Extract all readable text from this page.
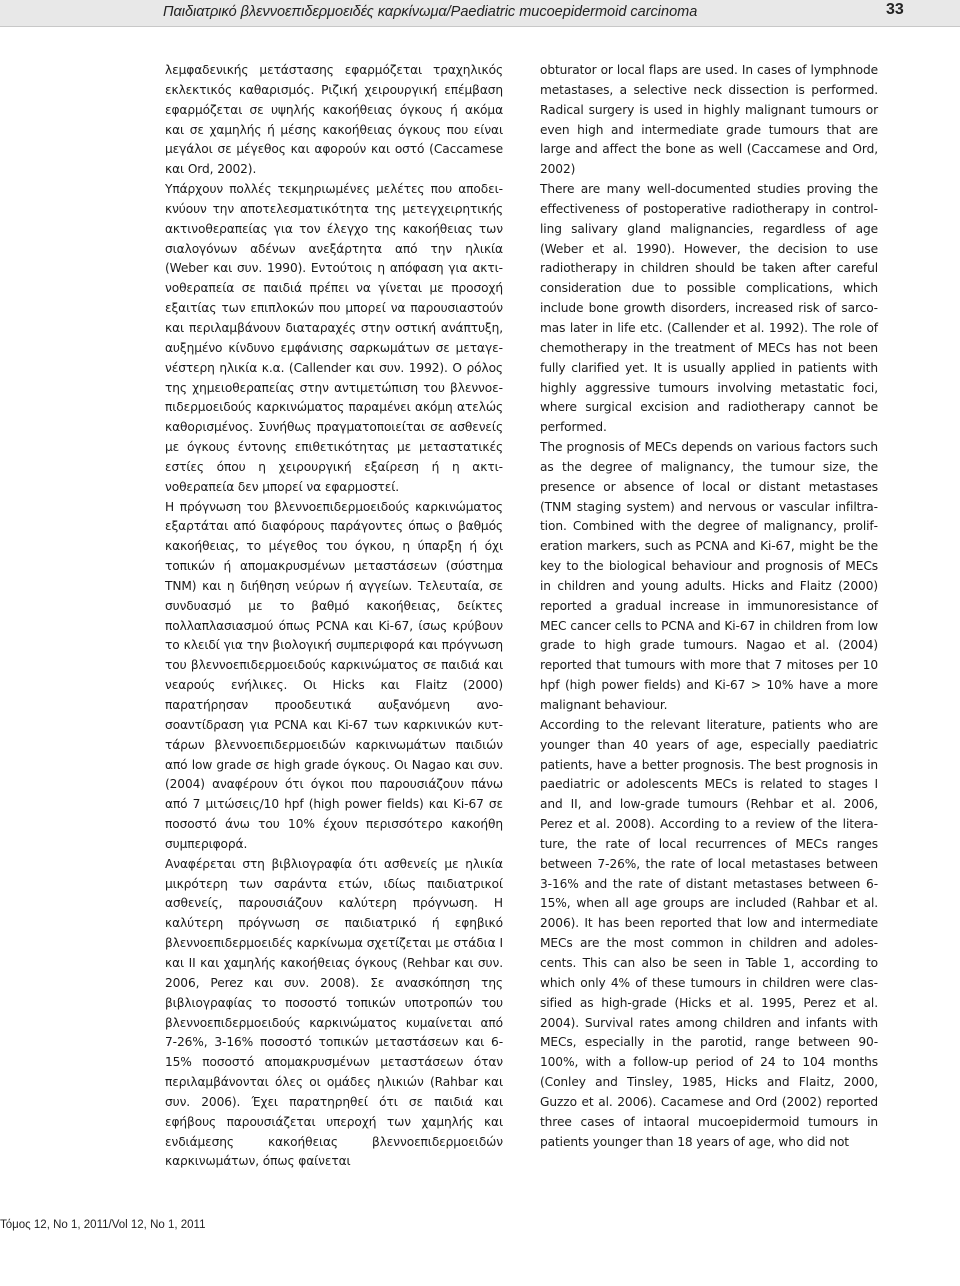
Παιδιατρικό βλεννοεπιδερμοειδές καρκίνωμα/Paediatric mucoepidermoid carcinoma	33

λεμφαδενικής μετάστασης εφαρμόζεται τραχηλικός εκλεκτικός καθαρισμός. Ριζική χειρουργική επέμβαση εφαρμόζεται σε υψηλής κακοήθειας όγκους ή ακόμα και σε χαμηλής ή μέσης κακοήθειας όγκους που είναι μεγάλοι σε μέγεθος και αφορούν και οστό (Caccamese και Ord, 2002).

Υπάρχουν πολλές τεκμηριωμένες μελέτες που αποδεικνύουν την αποτελεσματικότητα της μετεγχειρητικής ακτινοθεραπείας για τον έλεγχο της κακοήθειας των σιαλογόνων αδένων ανεξάρτητα από την ηλικία (Weber και συν. 1990). Εντούτοις η απόφαση για ακτινοθεραπεία σε παιδιά πρέπει να γίνεται με προσοχή εξαιτίας των επιπλοκών που μπορεί να παρουσιαστούν και περιλαμβάνουν διαταραχές στην οστική ανάπτυξη, αυξημένο κίνδυνο εμφάνισης σαρκωμάτων σε μεταγενέστερη ηλικία κ.α. (Callender και συν. 1992). Ο ρόλος της χημειοθεραπείας στην αντιμετώπιση του βλεννοεπιδερμοειδούς καρκινώματος παραμένει ακόμη ατελώς καθορισμένος. Συνήθως πραγματοποιείται σε ασθενείς με όγκους έντονης επιθετικότητας με μεταστατικές εστίες όπου η χειρουργική εξαίρεση ή η ακτινοθεραπεία δεν μπορεί να εφαρμοστεί.

Η πρόγνωση του βλεννοεπιδερμοειδούς καρκινώματος εξαρτάται από διαφόρους παράγοντες όπως ο βαθμός κακοήθειας, το μέγεθος του όγκου, η ύπαρξη ή όχι τοπικών ή απομακρυσμένων μεταστάσεων (σύστημα TNM) και η διήθηση νεύρων ή αγγείων. Τελευταία, σε συνδυασμό με το βαθμό κακοήθειας, δείκτες πολλαπλασιασμού όπως PCNA και Ki-67, ίσως κρύβουν το κλειδί για την βιολογική συμπεριφορά και πρόγνωση του βλεννοεπιδερμοειδούς καρκινώματος σε παιδιά και νεαρούς ενήλικες. Οι Hicks και Flaitz (2000) παρατήρησαν προοδευτικά αυξανόμενη ανοσοαντίδραση για PCNA και Ki-67 των καρκινικών κυττάρων βλεννοεπιδερμοειδών καρκινωμάτων παιδιών από low grade σε high grade όγκους. Οι Nagao και συν. (2004) αναφέρουν ότι όγκοι που παρουσιάζουν πάνω από 7 μιτώσεις/10 hpf (high power fields) και Ki-67 σε ποσοστό άνω του 10% έχουν περισσότερο κακοήθη συμπεριφορά.

Αναφέρεται στη βιβλιογραφία ότι ασθενείς με ηλικία μικρότερη των σαράντα ετών, ιδίως παιδιατρικοί ασθενείς, παρουσιάζουν καλύτερη πρόγνωση. Η καλύτερη πρόγνωση σε παιδιατρικό ή εφηβικό βλεννοεπιδερμοειδές καρκίνωμα σχετίζεται με στάδια I και II και χαμηλής κακοήθειας όγκους (Rehbar και συν. 2006, Perez και συν. 2008). Σε ανασκόπηση της βιβλιογραφίας το ποσοστό τοπικών υποτροπών του βλεννοεπιδερμοειδούς καρκινώματος κυμαίνεται από 7-26%, 3-16% ποσοστό τοπικών μεταστάσεων και 6-15% ποσοστό απομακρυσμένων μεταστάσεων όταν περιλαμβάνονται όλες οι ομάδες ηλικιών (Rahbar και συν. 2006). Έχει παρατηρηθεί ότι σε παιδιά και εφήβους παρουσιάζεται υπεροχή των χαμηλής και ενδιάμεσης κακοήθειας βλεννοεπιδερμοειδών καρκινωμάτων, όπως φαίνεται

obturator or local flaps are used. In cases of lymphnode metastases, a selective neck dissection is performed. Radical surgery is used in highly malignant tumours or even high and intermediate grade tumours that are large and affect the bone as well (Caccamese and Ord, 2002)

There are many well-documented studies proving the effectiveness of postoperative radiotherapy in controlling salivary gland malignancies, regardless of age (Weber et al. 1990). However, the decision to use radiotherapy in children should be taken after careful consideration due to possible complications, which include bone growth disorders, increased risk of sarcomas later in life etc. (Callender et al. 1992). The role of chemotherapy in the treatment of MECs has not been fully clarified yet. It is usually applied in patients with highly aggressive tumours involving metastatic foci, where surgical excision and radiotherapy cannot be performed.

The prognosis of MECs depends on various factors such as the degree of malignancy, the tumour size, the presence or absence of local or distant metastases (TNM staging system) and nervous or vascular infiltration. Combined with the degree of malignancy, proliferation markers, such as PCNA and Ki-67, might be the key to the biological behaviour and prognosis of MECs in children and young adults. Hicks and Flaitz (2000) reported a gradual increase in immunoresistance of MEC cancer cells to PCNA and Ki-67 in children from low grade to high grade tumours. Nagao et al. (2004) reported that tumours with more that 7 mitoses per 10 hpf (high power fields) and Ki-67 > 10% have a more malignant behaviour.

According to the relevant literature, patients who are younger than 40 years of age, especially paediatric patients, have a better prognosis. The best prognosis in paediatric or adolescents MECs is related to stages I and II, and low-grade tumours (Rehbar et al. 2006, Perez et al. 2008). According to a review of the literature, the rate of local recurrences of MECs ranges between 7-26%, the rate of local metastases between 3-16% and the rate of distant metastases between 6-15%, when all age groups are included (Rahbar et al. 2006). It has been reported that low and intermediate MECs are the most common in children and adolescents. This can also be seen in Table 1, according to which only 4% of these tumours in children were classified as high-grade (Hicks et al. 1995, Perez et al. 2004). Survival rates among children and infants with MECs, especially in the parotid, range between 90-100%, with a follow-up period of 24 to 104 months (Conley and Tinsley, 1985, Hicks and Flaitz, 2000, Guzzo et al. 2006). Cacamese and Ord (2002) reported three cases of intaoral mucoepidermoid tumours in patients younger than 18 years of age, who did not

Τόμος 12, No 1, 2011/Vol 12, No 1, 2011
